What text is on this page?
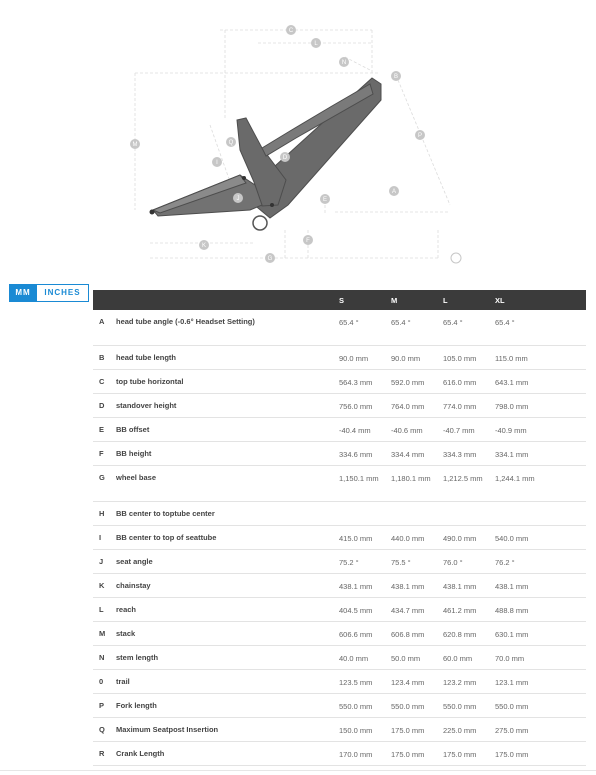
A
B
C
D
E
F
G
I
J
K
L
M
N
P
Q
MM	INCHES
		S	M	L	XL
A	head tube angle (-0.6° Headset Setting)	65.4 °	65.4 °	65.4 °	65.4 °
B	head tube length	90.0 mm	90.0 mm	105.0 mm	115.0 mm
C	top tube horizontal	564.3 mm	592.0 mm	616.0 mm	643.1 mm
D	standover height	756.0 mm	764.0 mm	774.0 mm	798.0 mm
E	BB offset	-40.4 mm	-40.6 mm	-40.7 mm	-40.9 mm
F	BB height	334.6 mm	334.4 mm	334.3 mm	334.1 mm
G	wheel base	1,150.1 mm	1,180.1 mm	1,212.5 mm	1,244.1 mm
H	BB center to toptube center				
I	BB center to top of seattube	415.0 mm	440.0 mm	490.0 mm	540.0 mm
J	seat angle	75.2 °	75.5 °	76.0 °	76.2 °
K	chainstay	438.1 mm	438.1 mm	438.1 mm	438.1 mm
L	reach	404.5 mm	434.7 mm	461.2 mm	488.8 mm
M	stack	606.6 mm	606.8 mm	620.8 mm	630.1 mm
N	stem length	40.0 mm	50.0 mm	60.0 mm	70.0 mm
0	trail	123.5 mm	123.4 mm	123.2 mm	123.1 mm
P	Fork length	550.0 mm	550.0 mm	550.0 mm	550.0 mm
Q	Maximum Seatpost Insertion	150.0 mm	175.0 mm	225.0 mm	275.0 mm
R	Crank Length	170.0 mm	175.0 mm	175.0 mm	175.0 mm
